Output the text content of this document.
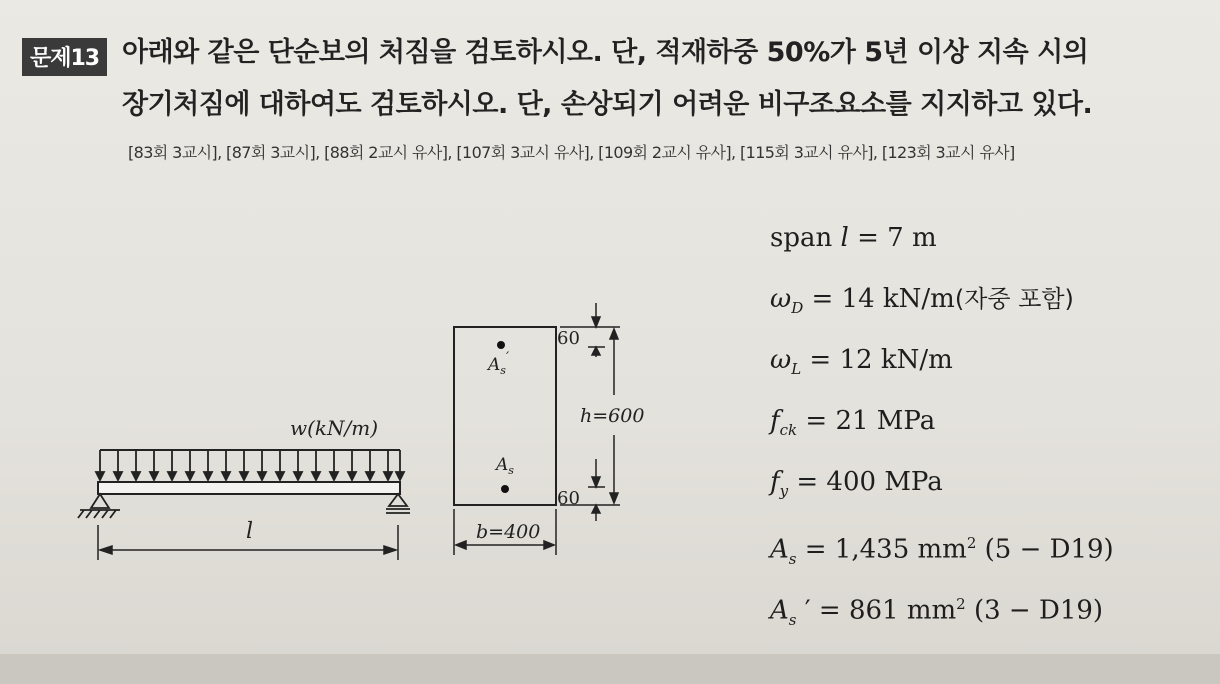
문제13 아래와 같은 단순보의 처짐을 검토하시오. 단, 적재하중 50%가 5년 이상 지속 시의
장기처짐에 대하여도 검토하시오. 단, 손상되기 어려운 비구조요소를 지지하고 있다.
[83회 3교시], [87회 3교시], [88회 2교시 유사], [107회 3교시 유사], [109회 2교시 유사], [115회 3교시 유사], [123회 3교시 유사]
w(kN/m)
l
$A_s'$
$A_s$
60
h=600
60
b=400
span l = 7 m
$\omega_D = 14$ kN/m(자중 포함)
$\omega_L = 12$ kN/m
$f_{ck} = 21$ MPa
$f_y = 400$ MPa
$A_s = 1,435$ $mm^2$ (5 − D19)
$A_s$ ′ = 861 $mm^2$ (3 − D19)
